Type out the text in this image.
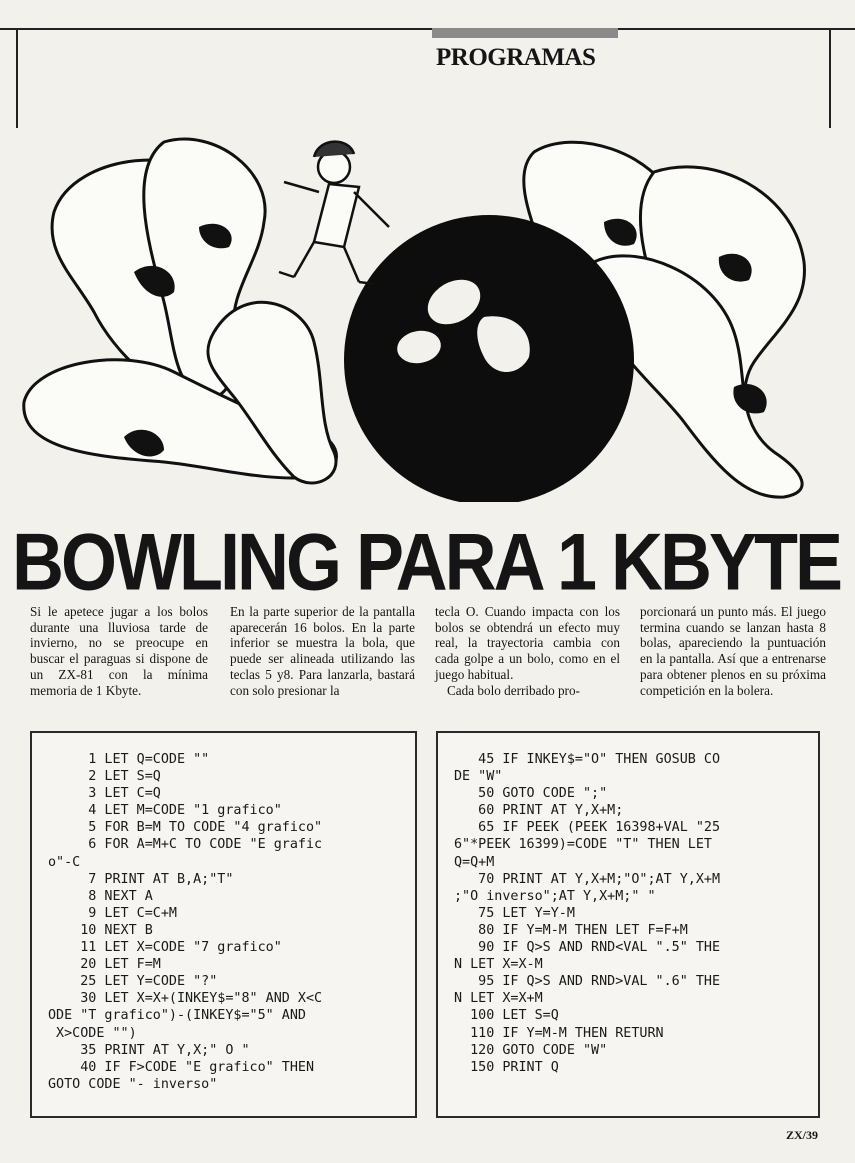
PROGRAMAS
BOWLING PARA 1 KBYTE

Si le apetece jugar a los bolos durante una lluviosa tarde de invierno, no se preocupe en buscar el paraguas si dispone de un ZX-81 con la mínima memoria de 1 Kbyte.

En la parte superior de la pantalla aparecerán 16 bolos. En la parte inferior se muestra la bola, que puede ser alineada utilizando las teclas 5 y8. Para lanzarla, bastará con solo presionar la

tecla O. Cuando impacta con los bolos se obtendrá un efecto muy real, la trayectoria cambia con cada golpe a un bolo, como en el juego habitual.

Cada bolo derribado pro-

porcionará un punto más. El juego termina cuando se lanzan hasta 8 bolas, apareciendo la puntuación en la pantalla. Así que a entrenarse para obtener plenos en su próxima competición en la bolera.

1 LET Q=CODE ""
2 LET S=Q
3 LET C=Q
4 LET M=CODE "1 grafico"
5 FOR B=M TO CODE "4 grafico"
6 FOR A=M+C TO CODE "E grafic
o"-C
7 PRINT AT B,A;"T"
8 NEXT A
9 LET C=C+M
10 NEXT B
11 LET X=CODE "7 grafico"
20 LET F=M
25 LET Y=CODE "?"
30 LET X=X+(INKEY$="8" AND X<C
ODE "T grafico")-(INKEY$="5" AND
X>CODE "")
35 PRINT AT Y,X;" O "
40 IF F>CODE "E grafico" THEN
GOTO CODE "- inverso"

45 IF INKEY$="O" THEN GOSUB CO
DE "W"
50 GOTO CODE ";"
60 PRINT AT Y,X+M;
65 IF PEEK (PEEK 16398+VAL "25
6"*PEEK 16399)=CODE "T" THEN LET
Q=Q+M
70 PRINT AT Y,X+M;"O";AT Y,X+M
;"O inverso";AT Y,X+M;" "
75 LET Y=Y-M
80 IF Y=M-M THEN LET F=F+M
90 IF Q>S AND RND<VAL ".5" THE
N LET X=X-M
95 IF Q>S AND RND>VAL ".6" THE
N LET X=X+M
100 LET S=Q
110 IF Y=M-M THEN RETURN
120 GOTO CODE "W"
150 PRINT Q

ZX/39
